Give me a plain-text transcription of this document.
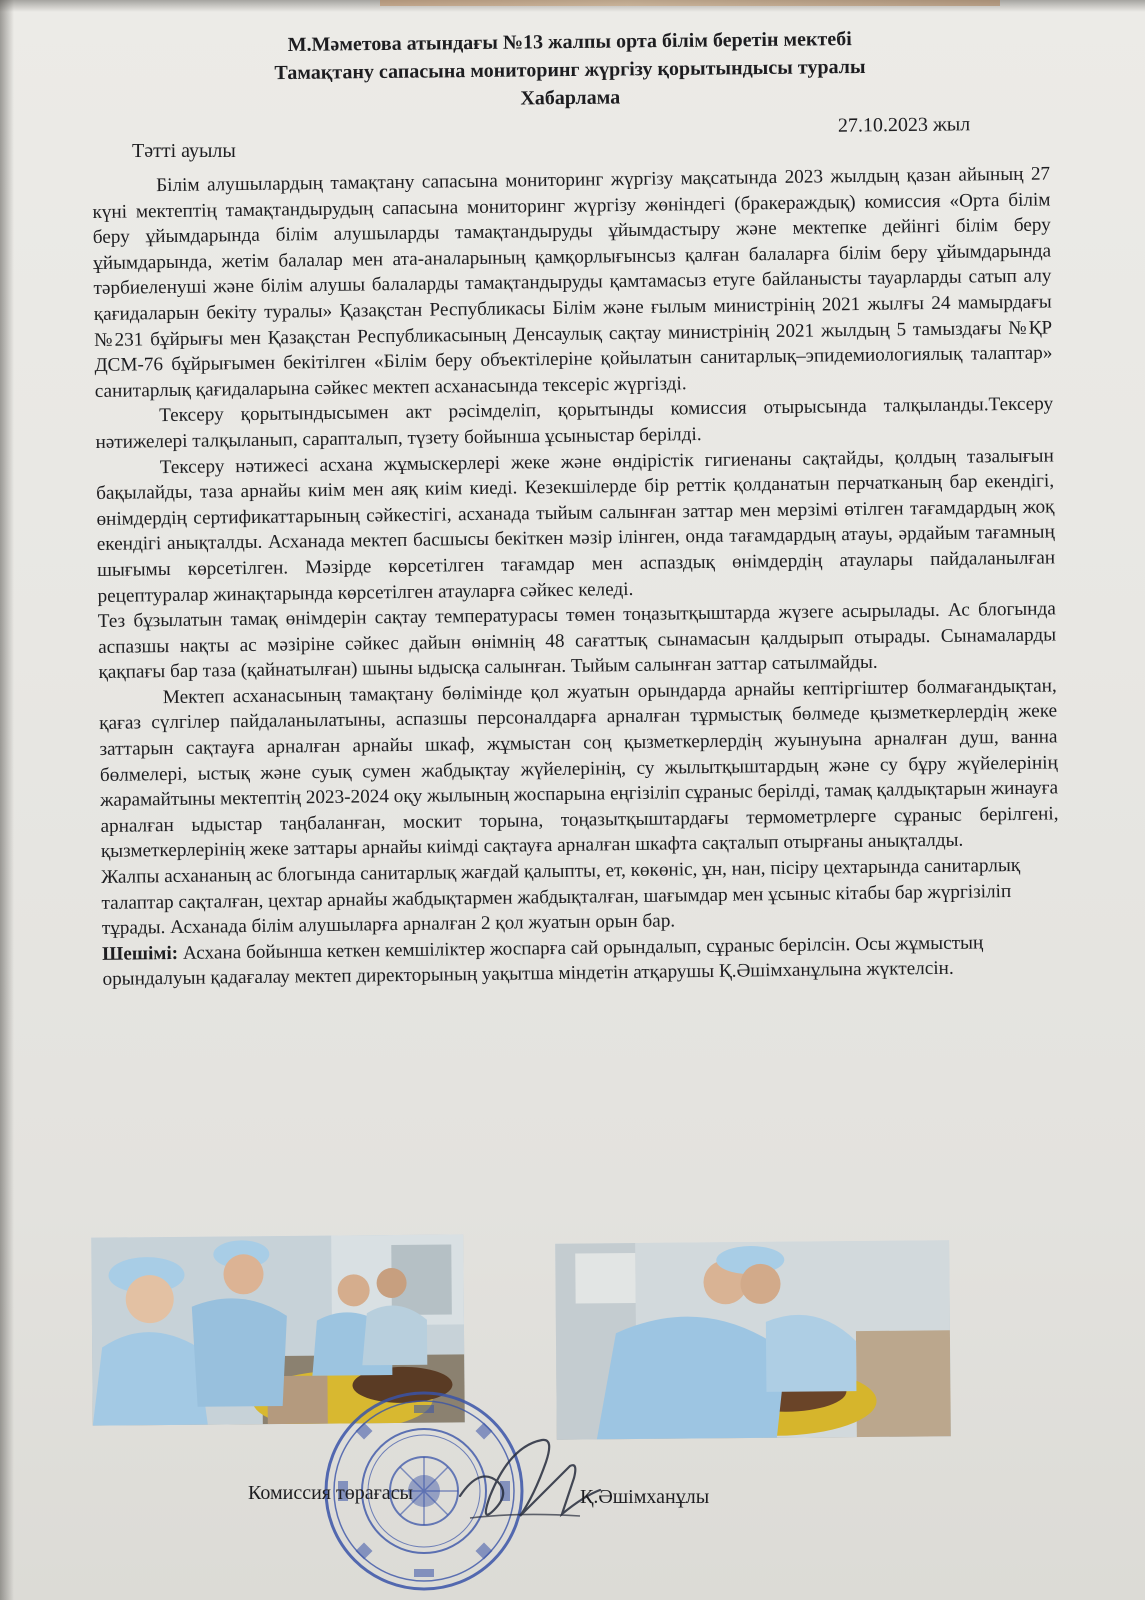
М.Мәметова атындағы №13 жалпы орта білім беретін мектебі
Тамақтану сапасына мониторинг жүргізу қорытындысы туралы
Хабарлама
27.10.2023 жыл
Тәтті ауылы

Білім алушылардың тамақтану сапасына мониторинг жүргізу мақсатында 2023 жылдың қазан айының 27 күні мектептің тамақтандырудың сапасына мониторинг жүргізу жөніндегі (бракераждық) комиссия «Орта білім беру ұйымдарында білім алушыларды тамақтандыруды ұйымдастыру және мектепке дейінгі білім беру ұйымдарында, жетім балалар мен ата-аналарының қамқорлығынсыз қалған балаларға білім беру ұйымдарында тәрбиеленуші және білім алушы балаларды тамақтандыруды қамтамасыз етуге байланысты тауарларды сатып алу қағидаларын бекіту туралы» Қазақстан Республикасы Білім және ғылым министрінің 2021 жылғы 24 мамырдағы №231 бұйрығы мен Қазақстан Республикасының Денсаулық сақтау министрінің 2021 жылдың 5 тамыздағы №ҚР ДСМ-76 бұйрығымен бекітілген «Білім беру объектілеріне қойылатын санитарлық–эпидемиологиялық талаптар» санитарлық қағидаларына сәйкес мектеп асханасында тексеріс жүргізді.

Тексеру қорытындысымен акт рәсімделіп, қорытынды комиссия отырысында талқыланды.Тексеру нәтижелері талқыланып, сарапталып, түзету бойынша ұсыныстар берілді.

Тексеру нәтижесі асхана жұмыскерлері жеке және өндірістік гигиенаны сақтайды, қолдың тазалығын бақылайды, таза арнайы киім мен аяқ киім киеді. Кезекшілерде бір реттік қолданатын перчатканың бар екендігі, өнімдердің сертификаттарының сәйкестігі, асханада тыйым салынған заттар мен мерзімі өтілген тағамдардың жоқ екендігі анықталды. Асханада мектеп басшысы бекіткен мәзір ілінген, онда тағамдардың атауы, әрдайым тағамның шығымы көрсетілген. Мәзірде көрсетілген тағамдар мен аспаздық өнімдердің атаулары пайдаланылған рецептуралар жинақтарында көрсетілген атауларға сәйкес келеді.

Тез бұзылатын тамақ өнімдерін сақтау температурасы төмен тоңазытқыштарда жүзеге асырылады. Ас блогында аспазшы нақты ас мәзіріне сәйкес дайын өнімнің 48 сағаттық сынамасын қалдырып отырады. Сынамаларды қақпағы бар таза (қайнатылған) шыны ыдысқа салынған. Тыйым салынған заттар сатылмайды.

Мектеп асханасының тамақтану бөлімінде қол жуатын орындарда арнайы кептіргіштер болмағандықтан, қағаз сүлгілер пайдаланылатыны, аспазшы персоналдарға арналған тұрмыстық бөлмеде қызметкерлердің жеке заттарын сақтауға арналған арнайы шкаф, жұмыстан соң қызметкерлердің жуынуына арналған душ, ванна бөлмелері, ыстық және суық сумен жабдықтау жүйелерінің, су жылытқыштардың және су бұру жүйелерінің жарамайтыны мектептің 2023-2024 оқу жылының жоспарына еңгізіліп сұраныс берілді, тамақ қалдықтарын жинауға арналған ыдыстар таңбаланған, москит торына, тоңазытқыштардағы термометрлерге сұраныс берілгені, қызметкерлерінің жеке заттары арнайы киімді сақтауға арналған шкафта сақталып отырғаны анықталды.

Жалпы асхананың ас блогында санитарлық жағдай қалыпты, ет, көкөніс, ұн, нан, пісіру цехтарында санитарлық талаптар сақталған, цехтар арнайы жабдықтармен жабдықталған, шағымдар мен ұсыныс кітабы бар жүргізіліп тұрады. Асханада білім алушыларға арналған 2 қол жуатын орын бар.

Шешімі: Асхана бойынша кеткен кемшіліктер жоспарға сай орындалып, сұраныс берілсін. Осы жұмыстың орындалуын қадағалау мектеп директорының уақытша міндетін атқарушы Қ.Әшімханұлына жүктелсін.

Комиссия төрағасы	Қ.Әшімханұлы
